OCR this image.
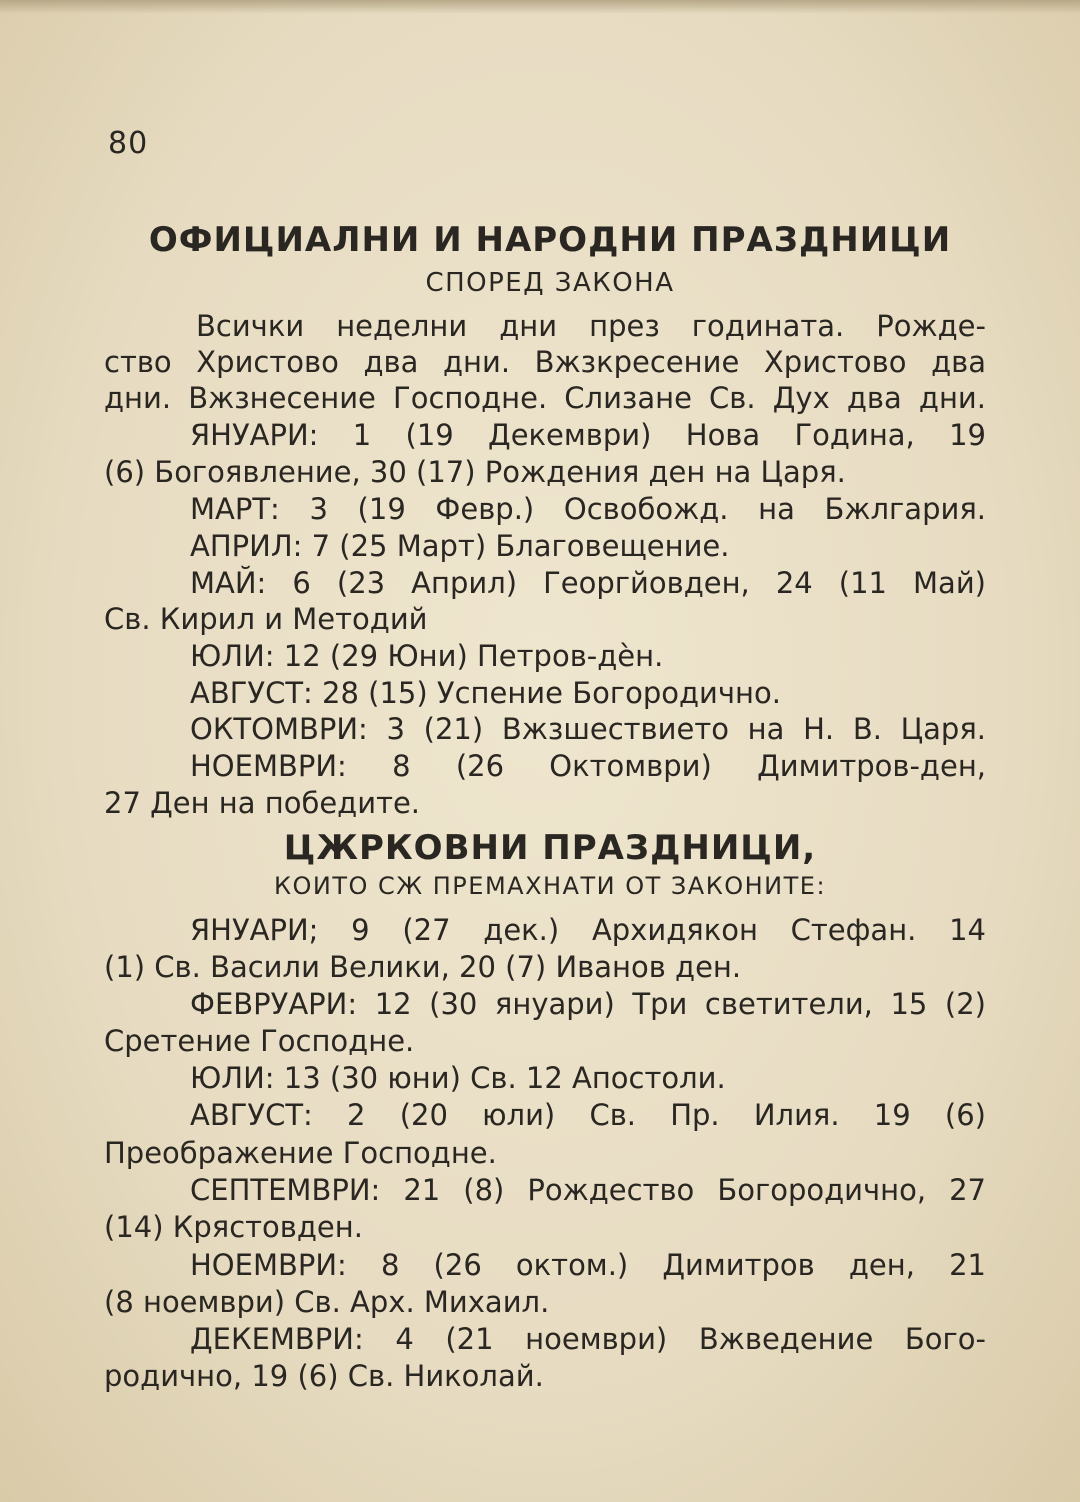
80
ОФИЦИАЛНИ И НАРОДНИ ПРАЗДНИЦИ
СПОРЕД ЗАКОНА
Всички неделни дни през годината. Рожде-
ство Христово два дни. Вжзкресение Христово два
дни. Вжзнесение Господне. Слизане Св. Дух два дни.
ЯНУАРИ: 1 (19 Декември) Нова Година, 19
(6) Богоявление, 30 (17) Рождения ден на Царя.
МАРТ: 3 (19 Февр.) Освобожд. на Бжлгария.
АПРИЛ: 7 (25 Март) Благовещение.
МАЙ: 6 (23 Април) Георгйовден, 24 (11 Май)
Св. Кирил и Методий
ЮЛИ: 12 (29 Юни) Петров-дѐн.
АВГУСТ: 28 (15) Успение Богородично.
ОКТОМВРИ: 3 (21) Вжзшествието на Н. В. Царя.
НОЕМВРИ: 8 (26 Октомври) Димитров-ден,
27 Ден на победите.
ЦЖРКОВНИ ПРАЗДНИЦИ,
КОИТО СЖ ПРЕМАХНАТИ ОТ ЗАКОНИТЕ:
ЯНУАРИ; 9 (27 дек.) Архидякон Стефан. 14
(1) Св. Васили Велики, 20 (7) Иванов ден.
ФЕВРУАРИ: 12 (30 януари) Три светители, 15 (2)
Сретение Господне.
ЮЛИ: 13 (30 юни) Св. 12 Апостоли.
АВГУСТ: 2 (20 юли) Св. Пр. Илия. 19 (6)
Преображение Господне.
СЕПТЕМВРИ: 21 (8) Рождество Богородично, 27
(14) Крястовден.
НОЕМВРИ: 8 (26 октом.) Димитров ден, 21
(8 ноември) Св. Арх. Михаил.
ДЕКЕМВРИ: 4 (21 ноември) Вжведение Бого-
родично, 19 (6) Св. Николай.
